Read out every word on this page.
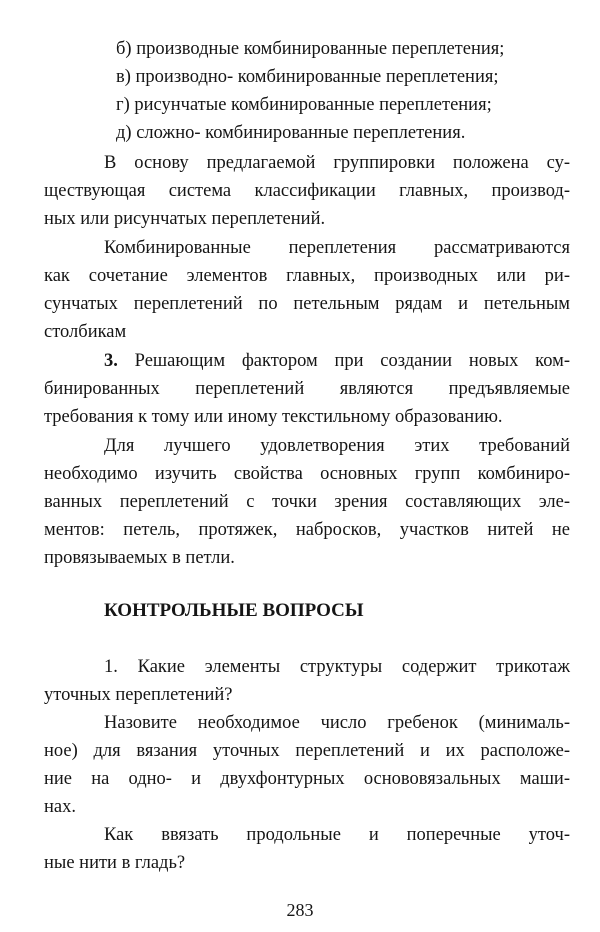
б) производные комбинированные переплетения;
в) производно- комбинированные переплетения;
г) рисунчатые комбинированные переплетения;
д) сложно- комбинированные переплетения.
В основу предлагаемой группировки положена су-
ществующая система классификации главных, производ-
ных или рисунчатых переплетений.
Комбинированные переплетения рассматриваются
как сочетание элементов главных, производных или ри-
сунчатых переплетений по петельным рядам и петельным
столбикам
3. Решающим фактором при создании новых ком-
бинированных переплетений являются предъявляемые
требования к тому или иному текстильному образованию.
Для лучшего удовлетворения этих требований
необходимо изучить свойства основных групп комбиниро-
ванных переплетений с точки зрения составляющих эле-
ментов: петель, протяжек, набросков, участков нитей не
провязываемых в петли.
КОНТРОЛЬНЫЕ ВОПРОСЫ
1. Какие элементы структуры содержит трикотаж
уточных переплетений?
Назовите необходимое число гребенок (минималь-
ное) для вязания уточных переплетений и их расположе-
ние на одно- и двухфонтурных основовязальных маши-
нах.
Как ввязать продольные и поперечные уточ-
ные нити в гладь?
283
